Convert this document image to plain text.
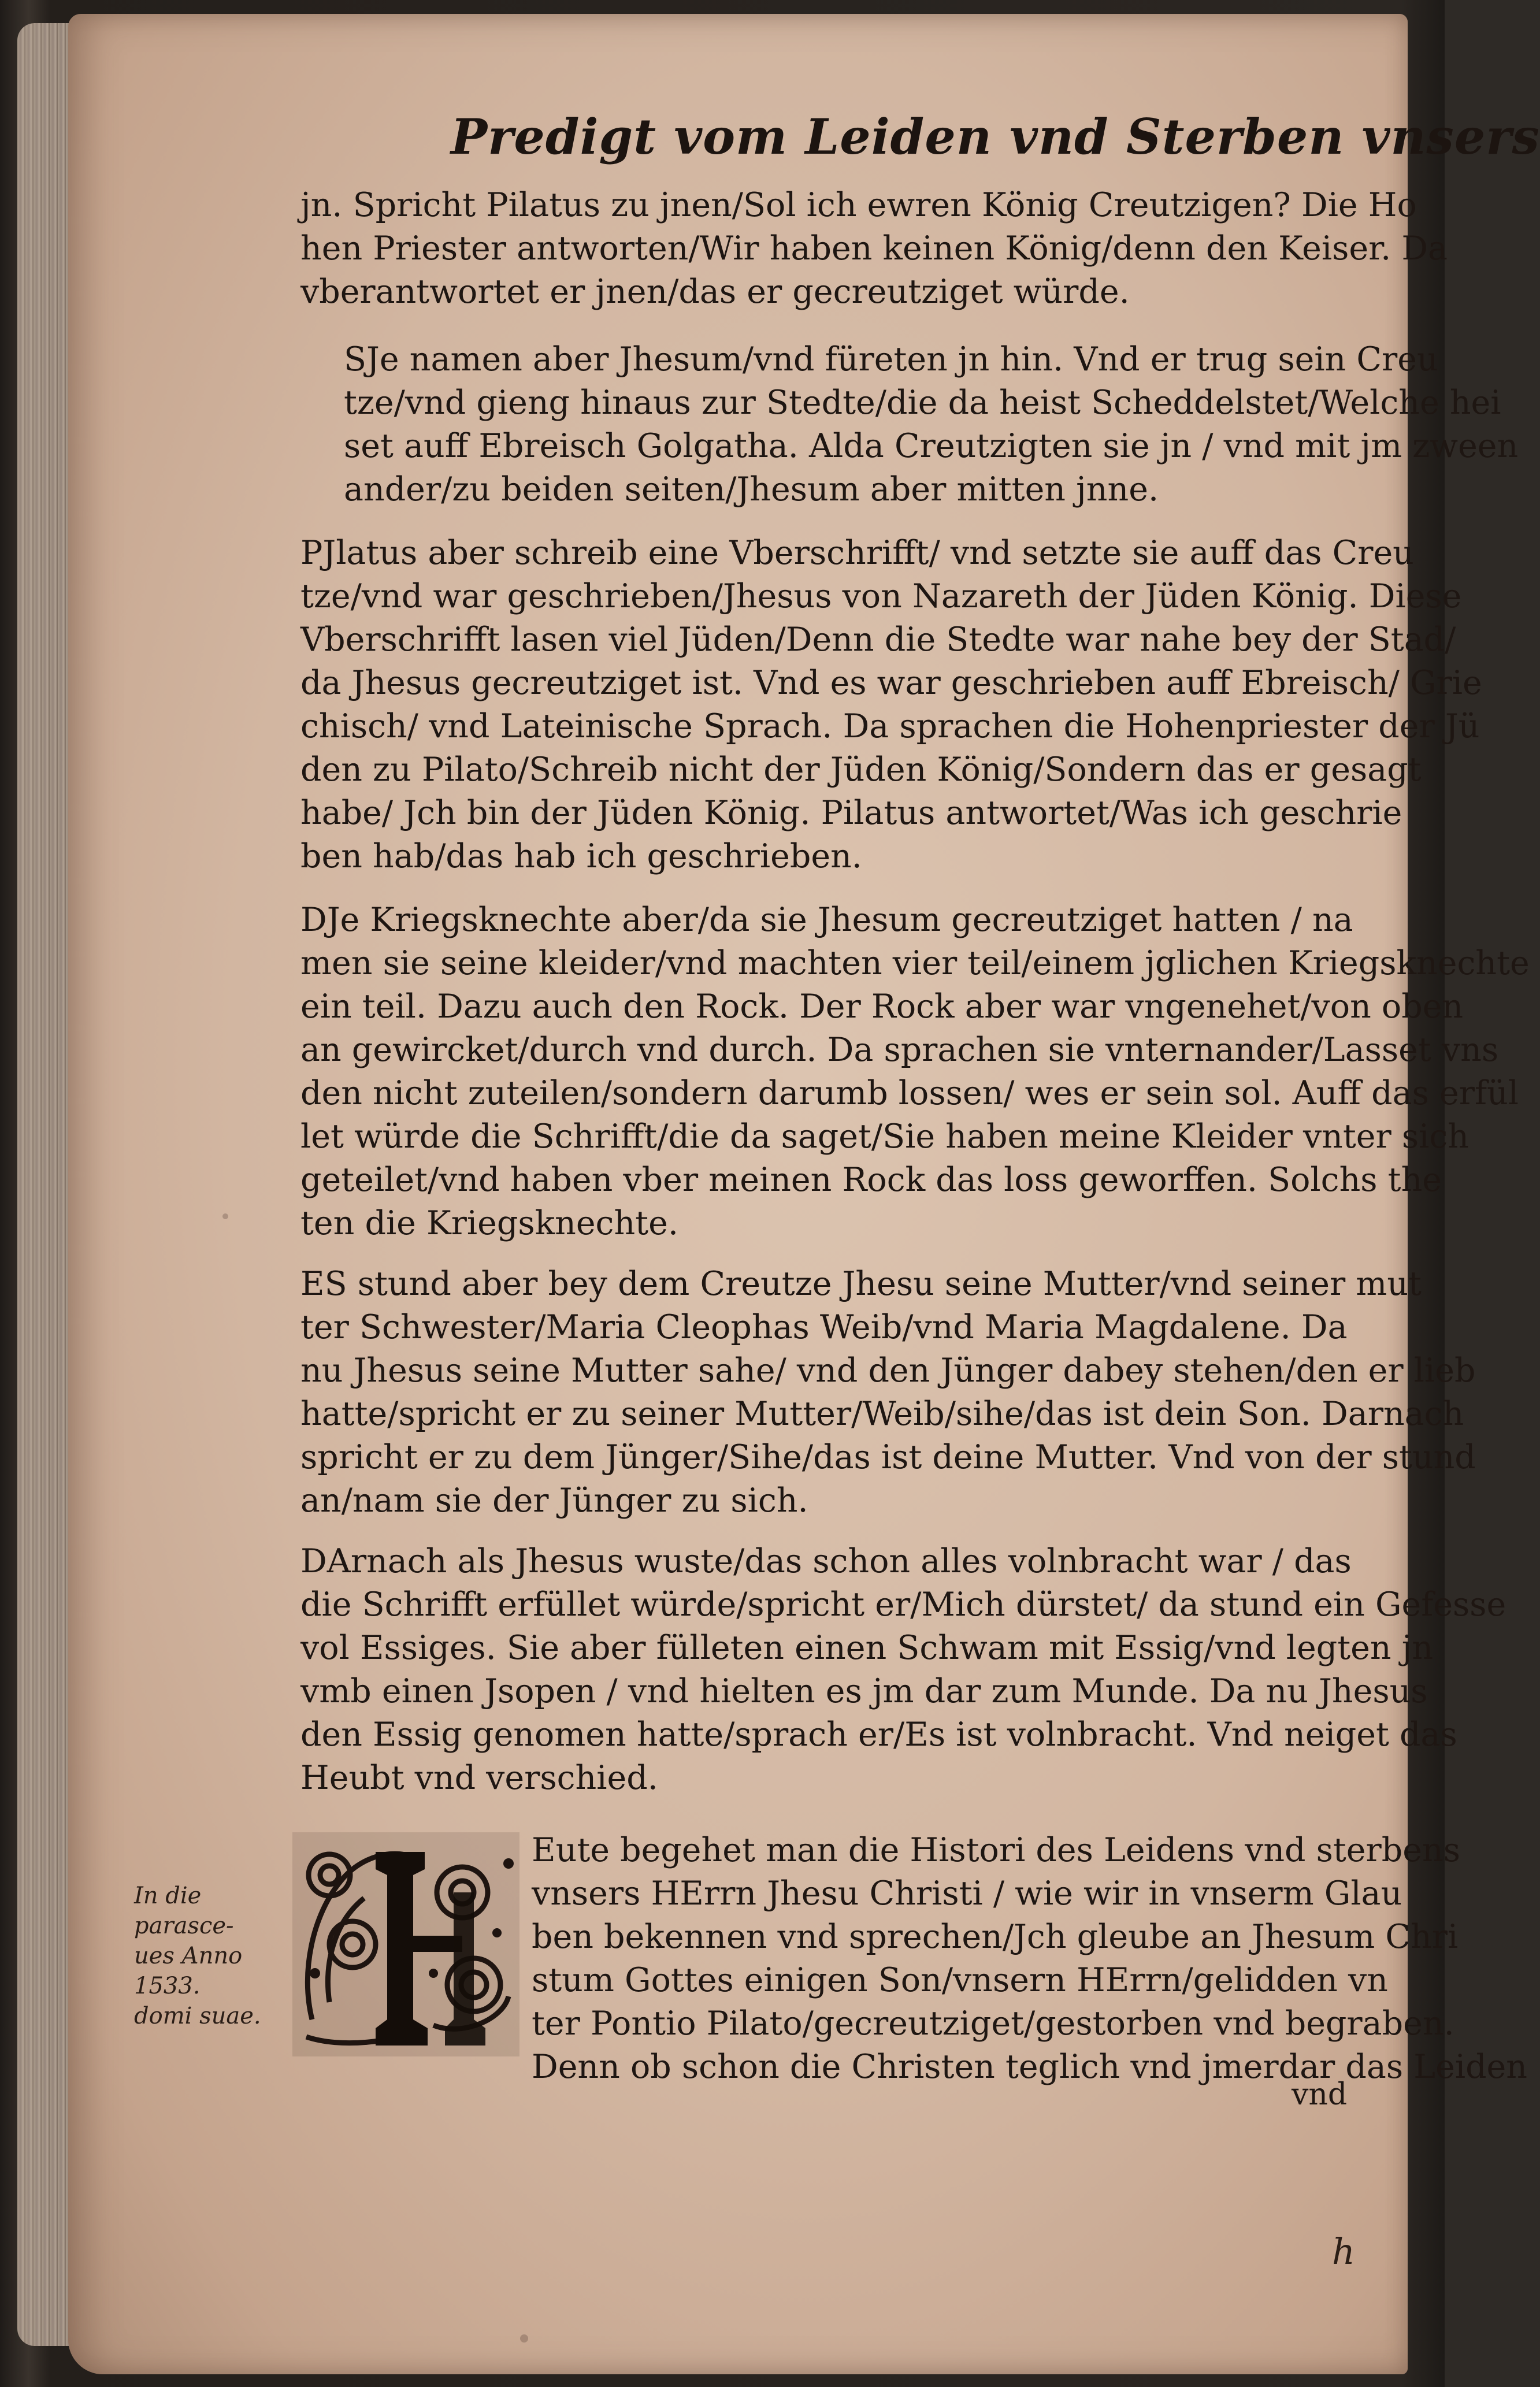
Predigt vom Leiden vnd Sterben vnsers
jn. Spricht Pilatus zu jnen/Sol ich ewren König Creutzigen? Die Ho
hen Priester antworten/Wir haben keinen König/denn den Keiser. Da
vberantwortet er jnen/das er gecreutziget würde.
SJe namen aber Jhesum/vnd füreten jn hin. Vnd er trug sein Creu
tze/vnd gieng hinaus zur Stedte/die da heist Scheddelstet/Welche hei
set auff Ebreisch Golgatha. Alda Creutzigten sie jn / vnd mit jm zween
ander/zu beiden seiten/Jhesum aber mitten jnne.
PJlatus aber schreib eine Vberschrifft/ vnd setzte sie auff das Creu
tze/vnd war geschrieben/Jhesus von Nazareth der Jüden König. Diese
Vberschrifft lasen viel Jüden/Denn die Stedte war nahe bey der Stad/
da Jhesus gecreutziget ist. Vnd es war geschrieben auff Ebreisch/ Grie
chisch/ vnd Lateinische Sprach. Da sprachen die Hohenpriester der Jü
den zu Pilato/Schreib nicht der Jüden König/Sondern das er gesagt
habe/ Jch bin der Jüden König. Pilatus antwortet/Was ich geschrie
ben hab/das hab ich geschrieben.
DJe Kriegsknechte aber/da sie Jhesum gecreutziget hatten / na
men sie seine kleider/vnd machten vier teil/einem jglichen Kriegsknechte
ein teil. Dazu auch den Rock. Der Rock aber war vngenehet/von oben
an gewircket/durch vnd durch. Da sprachen sie vnternander/Lasset vns
den nicht zuteilen/sondern darumb lossen/ wes er sein sol. Auff das erfül
let würde die Schrifft/die da saget/Sie haben meine Kleider vnter sich
geteilet/vnd haben vber meinen Rock das loss geworffen. Solchs the
ten die Kriegsknechte.
ES stund aber bey dem Creutze Jhesu seine Mutter/vnd seiner mut
ter Schwester/Maria Cleophas Weib/vnd Maria Magdalene. Da
nu Jhesus seine Mutter sahe/ vnd den Jünger dabey stehen/den er lieb
hatte/spricht er zu seiner Mutter/Weib/sihe/das ist dein Son. Darnach
spricht er zu dem Jünger/Sihe/das ist deine Mutter. Vnd von der stund
an/nam sie der Jünger zu sich.
DArnach als Jhesus wuste/das schon alles volnbracht war / das
die Schrifft erfüllet würde/spricht er/Mich dürstet/ da stund ein Gefesse
vol Essiges. Sie aber fülleten einen Schwam mit Essig/vnd legten jn
vmb einen Jsopen / vnd hielten es jm dar zum Munde. Da nu Jhesus
den Essig genomen hatte/sprach er/Es ist volnbracht. Vnd neiget das
Heubt vnd verschied.
In die parasce-
ues Anno 1533.
domi suae.
Eute begehet man die Histori des Leidens vnd sterbens
vnsers HErrn Jhesu Christi / wie wir in vnserm Glau
ben bekennen vnd sprechen/Jch gleube an Jhesum Chri
stum Gottes einigen Son/vnsern HErrn/gelidden vn
ter Pontio Pilato/gecreutziget/gestorben vnd begraben.
Denn ob schon die Christen teglich vnd jmerdar das Leiden
vnd
h
